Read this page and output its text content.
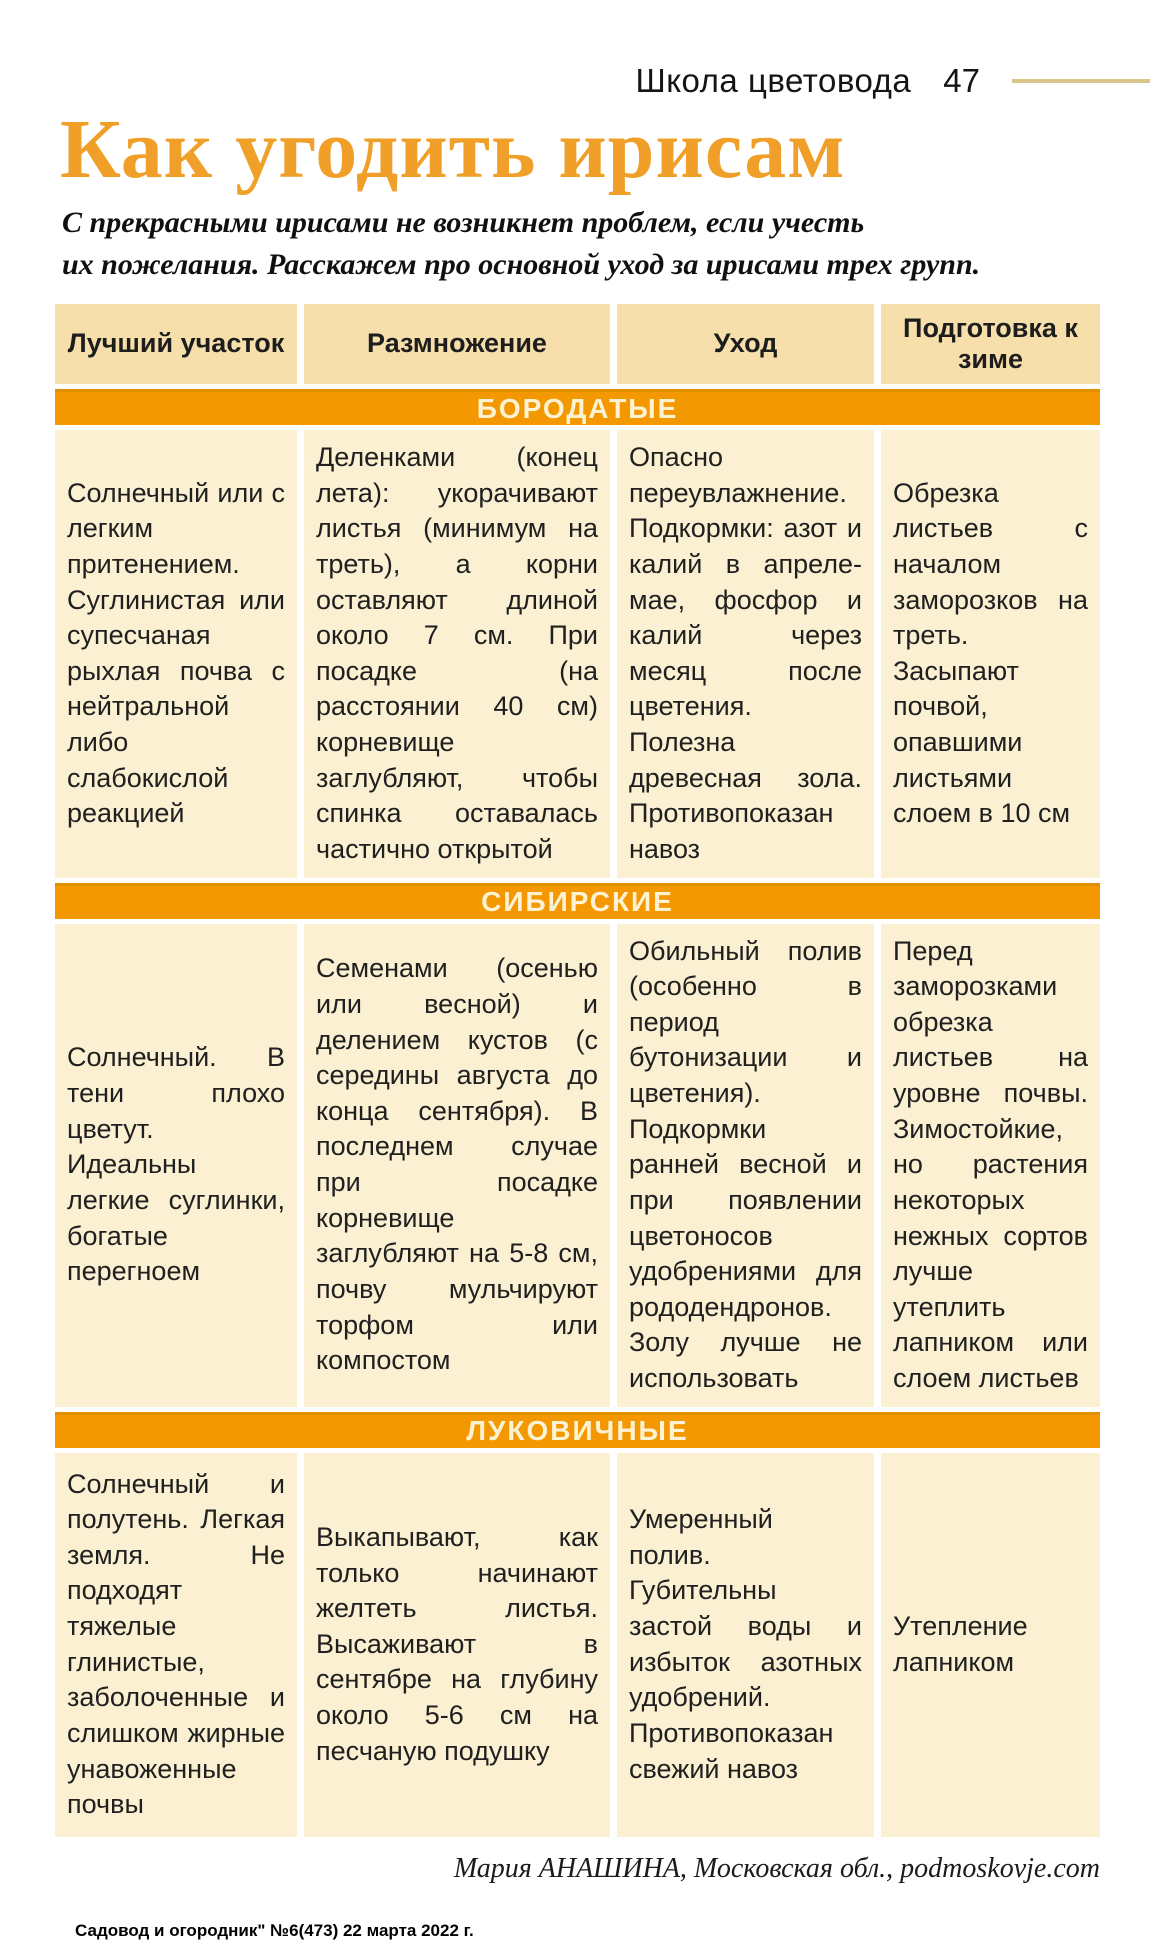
Школа цветовода 47
Как угодить ирисам
С прекрасными ирисами не возникнет проблем, если учесть
их пожелания. Расскажем про основной уход за ирисами трех групп.
Лучший участок	Размножение	Уход
Подготовка к зиме
БОРОДАТЫЕ
Солнечный или с легким притенением. Суглинистая или супесчаная рыхлая почва с нейтральной либо слабокислой реакцией
Деленками (конец лета): укорачивают листья (минимум на треть), а корни оставляют длиной около 7 см. При посадке (на расстоянии 40 см) корневище заглубляют, чтобы спинка оставалась частично открытой
Опасно переувлажнение. Подкормки: азот и калий в апреле-мае, фосфор и калий через месяц после цветения. Полезна древесная зола. Противопоказан навоз
Обрезка листьев с началом заморозков на треть. Засыпают почвой, опавшими листьями слоем в 10 см
СИБИРСКИЕ
Солнечный. В тени плохо цветут. Идеальны легкие суглинки, богатые перегноем
Семенами (осенью или весной) и делением кустов (с середины августа до конца сентября). В последнем случае при посадке корневище заглубляют на 5-8 см, почву мульчируют торфом или компостом
Обильный полив (особенно в период бутонизации и цветения). Подкормки ранней весной и при появлении цветоносов удобрениями для рододендронов. Золу лучше не использовать
Перед заморозками обрезка листьев на уровне почвы. Зимостойкие, но растения некоторых нежных сортов лучше утеплить лапником или слоем листьев
ЛУКОВИЧНЫЕ
Солнечный и полутень. Легкая земля. Не подходят тяжелые глинистые, заболоченные и слишком жирные унавоженные почвы
Выкапывают, как только начинают желтеть листья. Высаживают в сентябре на глубину около 5-6 см на песчаную подушку
Умеренный полив. Губительны застой воды и избыток азотных удобрений. Противопоказан свежий навоз
Утепление лапником
Мария АНАШИНА, Московская обл., podmoskovje.com
Садовод и огородник" №6(473) 22 марта 2022 г.
